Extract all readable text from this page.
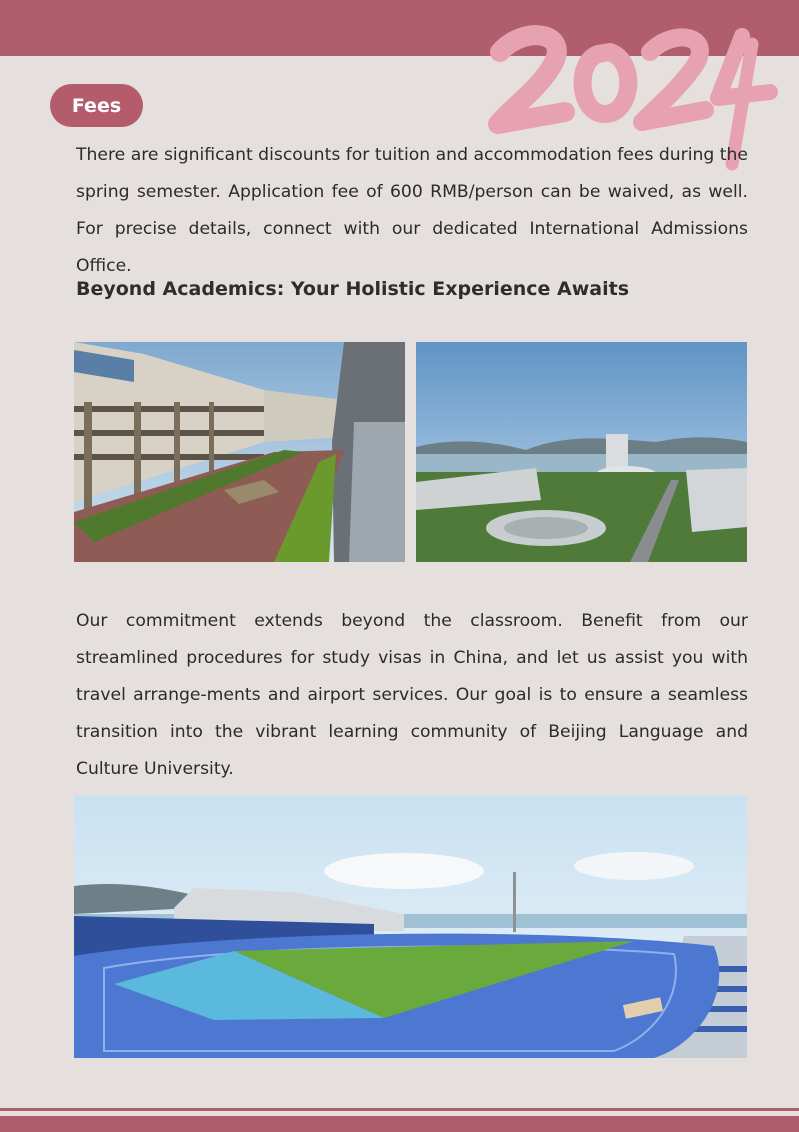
Fees

There are significant discounts for tuition and accommodation fees during the spring semester. Application fee of 600 RMB/person can be waived, as well. For precise details, connect with our dedicated International Admissions Office.

Beyond Academics: Your Holistic Experience Awaits

Our commitment extends beyond the classroom. Benefit from our streamlined procedures for study visas in China, and let us assist you with travel arrange-ments and airport services. Our goal is to ensure a seamless transition into the vibrant learning community of Beijing Language and Culture University.
